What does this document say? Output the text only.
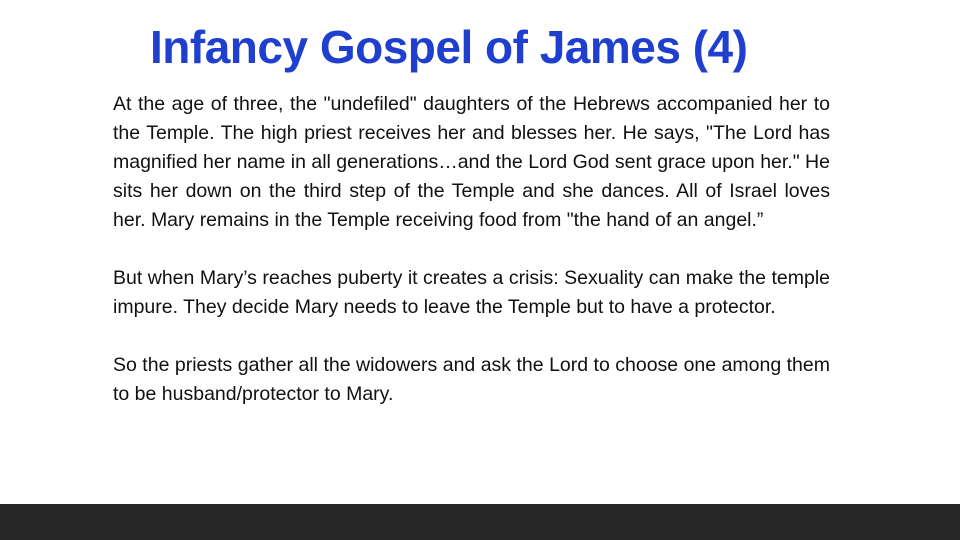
Infancy Gospel of James (4)

At the age of three, the "undefiled" daughters of the Hebrews accompanied her to the Temple. The high priest receives her and blesses her. He says, "The Lord has magnified her name in all generations…and the Lord God sent grace upon her." He sits her down on the third step of the Temple and she dances. All of Israel loves her. Mary remains in the Temple receiving food from "the hand of an angel.”

But when Mary’s reaches puberty it creates a crisis: Sexuality can make the temple impure. They decide Mary needs to leave the Temple but to have a protector.

So the priests gather all the widowers and ask the Lord to choose one among them to be husband/protector to Mary.
